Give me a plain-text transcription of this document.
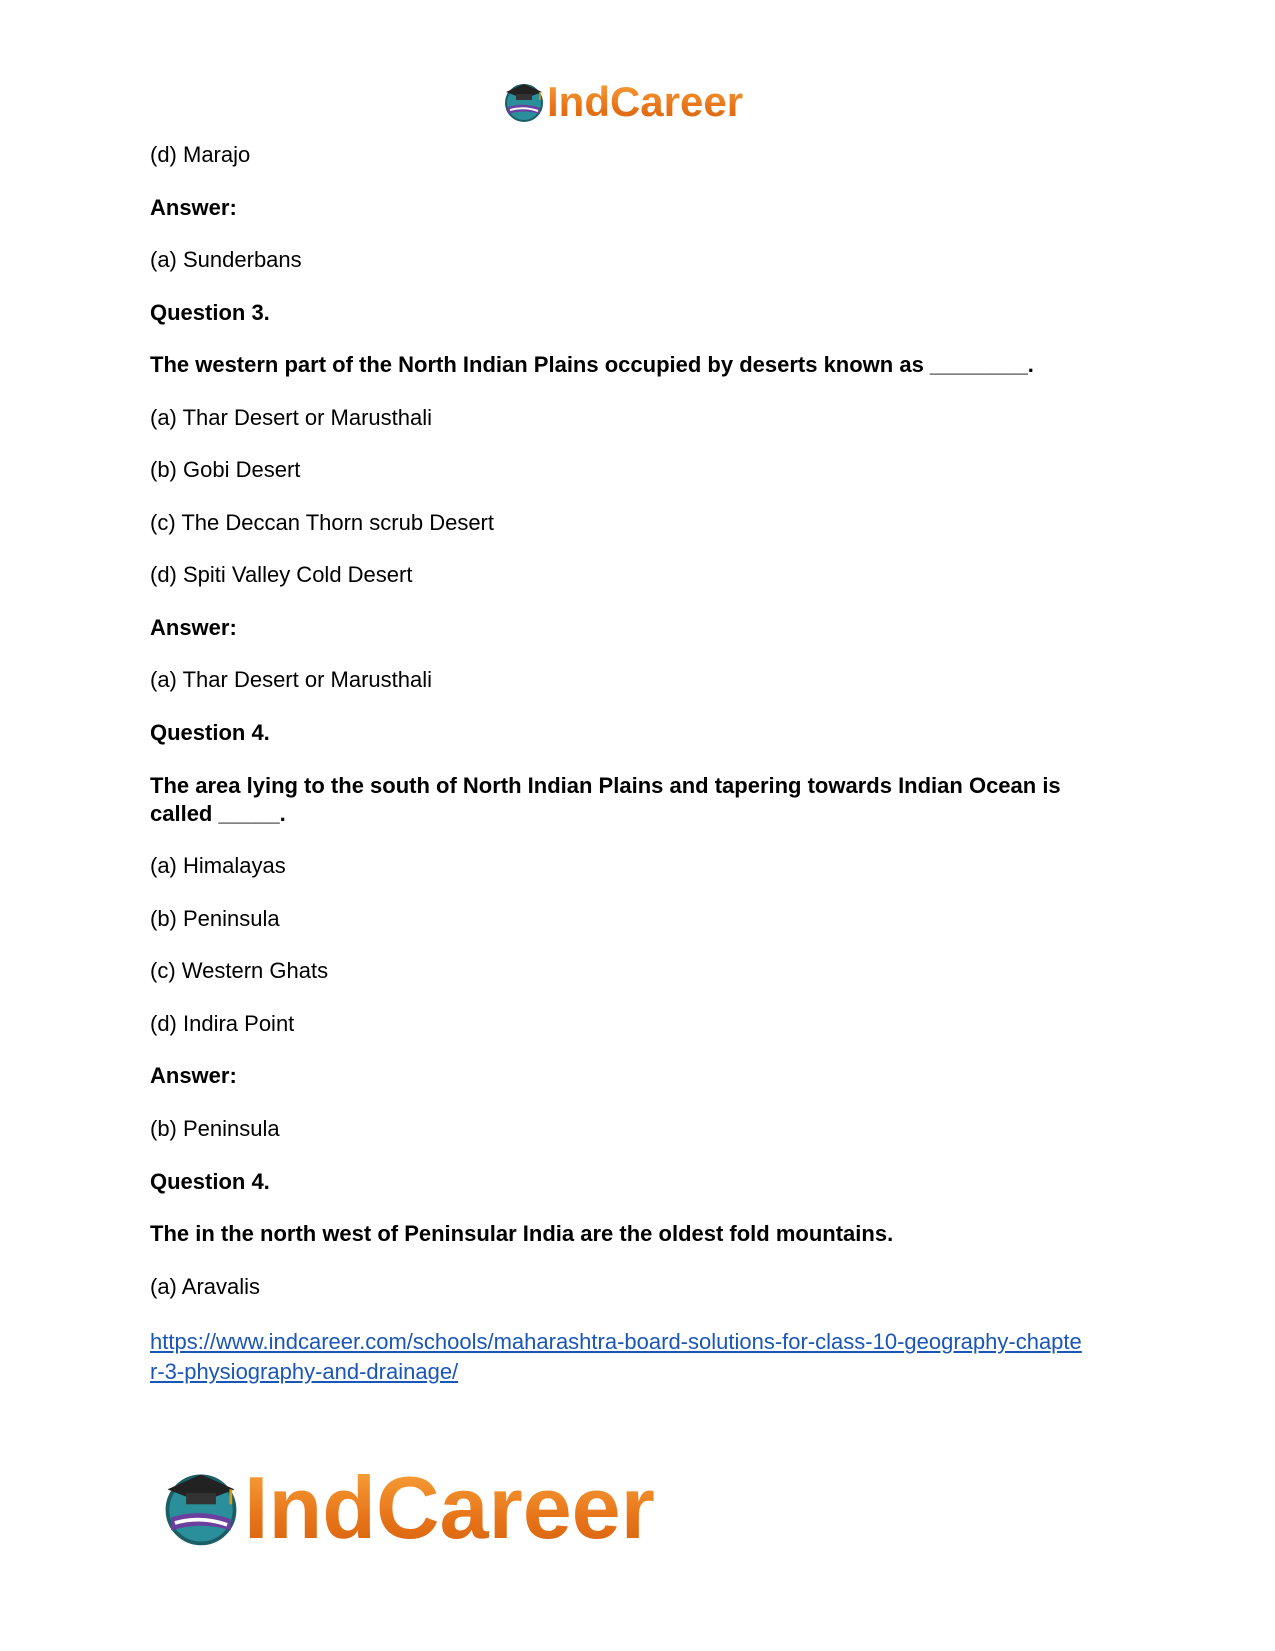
IndCareer
(d) Marajo
Answer:
(a) Sunderbans
Question 3.
The western part of the North Indian Plains occupied by deserts known as ________.
(a) Thar Desert or Marusthali
(b) Gobi Desert
(c) The Deccan Thorn scrub Desert
(d) Spiti Valley Cold Desert
Answer:
(a) Thar Desert or Marusthali
Question 4.
The area lying to the south of North Indian Plains and tapering towards Indian Ocean is called _____.
(a) Himalayas
(b) Peninsula
(c) Western Ghats
(d) Indira Point
Answer:
(b) Peninsula
Question 4.
The in the north west of Peninsular India are the oldest fold mountains.
(a) Aravalis
https://www.indcareer.com/schools/maharashtra-board-solutions-for-class-10-geography-chapte
r-3-physiography-and-drainage/
IndCareer
